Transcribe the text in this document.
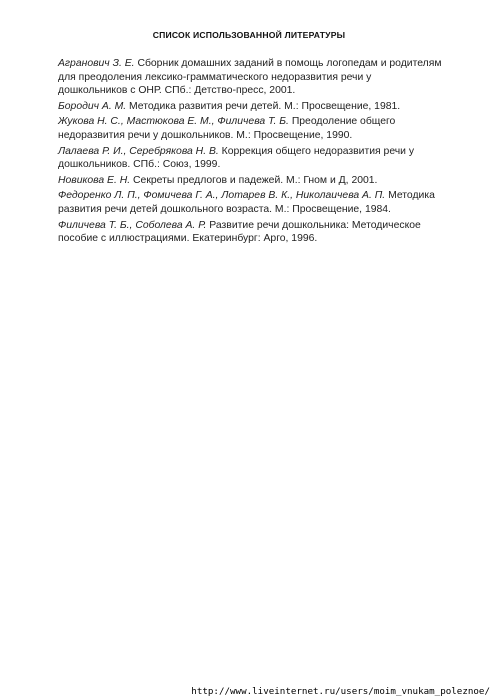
СПИСОК ИСПОЛЬЗОВАННОЙ ЛИТЕРАТУРЫ

Агранович З. Е. Сборник домашних заданий в помощь логопедам и родителям для преодоления лексико-грамматического недоразвития речи у дошкольников с ОНР. СПб.: Детство-пресс, 2001.

Бородич А. М. Методика развития речи детей. М.: Просвещение, 1981.

Жукова Н. С., Мастюкова Е. М., Филичева Т. Б. Преодоление общего недоразвития речи у дошкольников. М.: Просвещение, 1990.

Лалаева Р. И., Серебрякова Н. В. Коррекция общего недоразвития речи у дошкольников. СПб.: Союз, 1999.

Новикова Е. Н. Секреты предлогов и падежей. М.: Гном и Д, 2001.

Федоренко Л. П., Фомичева Г. А., Лотарев В. К., Николаичева А. П. Методика развития речи детей дошкольного возраста. М.: Просвещение, 1984.

Филичева Т. Б., Соболева А. Р. Развитие речи дошкольника: Методическое пособие с иллюстрациями. Екатеринбург: Арго, 1996.

http://www.liveinternet.ru/users/moim_vnukam_poleznoe/
